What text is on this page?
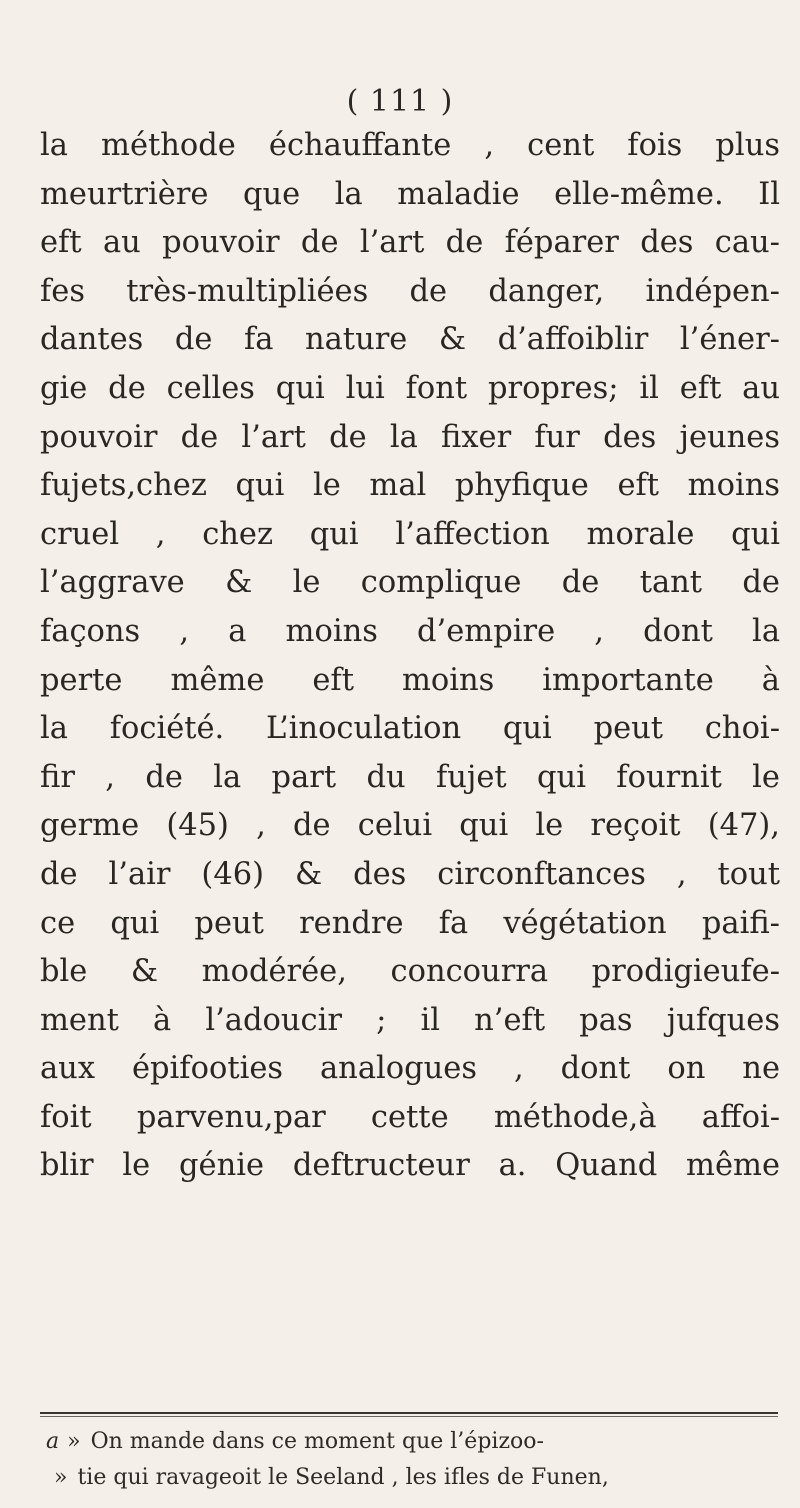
( 111 )
la méthode échauffante , cent fois plus
meurtrière que la maladie elle-même. Il
eft au pouvoir de l’art de féparer des cau-
fes très-multipliées de danger, indépen-
dantes de fa nature & d’affoiblir l’éner-
gie de celles qui lui font propres; il eft au
pouvoir de l’art de la fixer fur des jeunes
fujets,chez qui le mal phyfique eft moins
cruel , chez qui l’affection morale qui
l’aggrave & le complique de tant de
façons , a moins d’empire , dont la
perte même eft moins importante à
la fociété. L’inoculation qui peut choi-
fir , de la part du fujet qui fournit le
germe (45) , de celui qui le reçoit (47),
de l’air (46) & des circonftances , tout
ce qui peut rendre fa végétation paifi-
ble & modérée, concourra prodigieufe-
ment à l’adoucir ; il n’eft pas jufques
aux épifooties analogues , dont on ne
foit parvenu,par cette méthode,à affoi-
blir le génie deftructeur a. Quand même
a » On mande dans ce moment que l’épizoo-
» tie qui ravageoit le Seeland , les ifles de Funen,
